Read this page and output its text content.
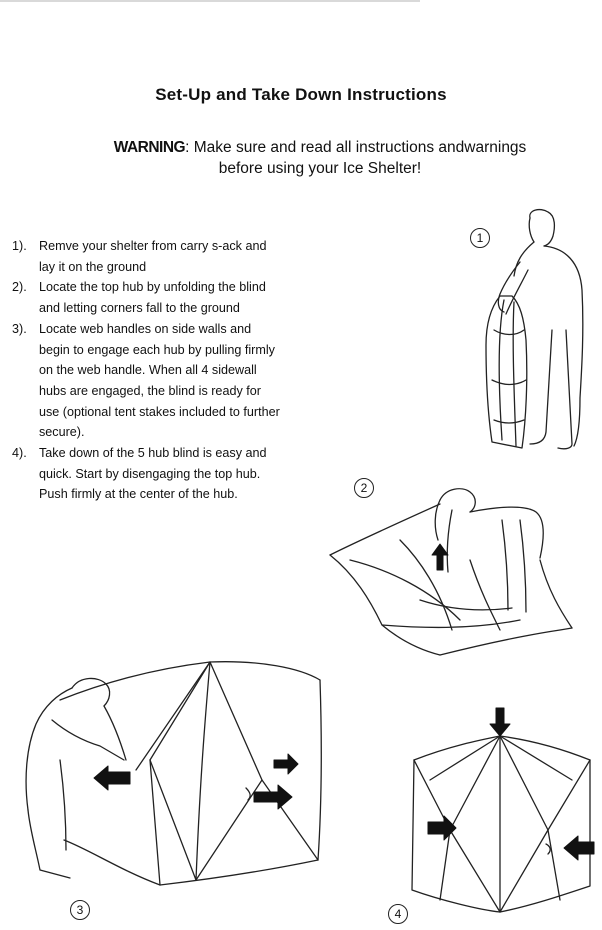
Set-Up and Take Down Instructions
WARNING: Make sure and read all instructions andwarnings
before using your Ice Shelter!
1). Remve your shelter from carry s-ack and lay it on the ground
2). Locate the top hub by unfolding the blind and letting corners fall to the ground
3). Locate web handles on side walls and begin to engage each hub by pulling firmly on the web handle. When all 4 sidewall hubs are engaged, the blind is ready for use (optional tent stakes included to further secure).
4). Take down of the 5 hub blind is easy and quick. Start by disengaging the top hub. Push firmly at the center of the hub.
1
2
3	4
